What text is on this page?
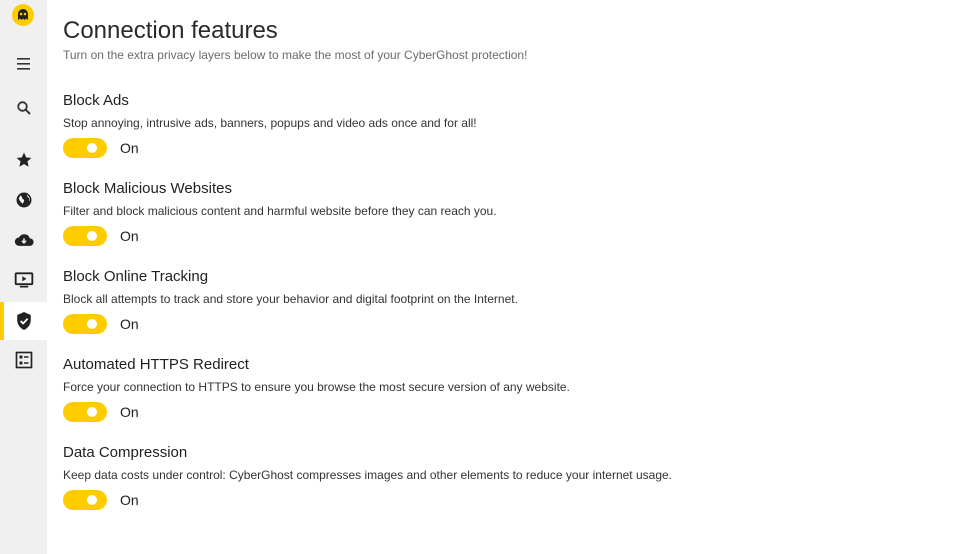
Connection features
Turn on the extra privacy layers below to make the most of your CyberGhost protection!
Block Ads
Stop annoying, intrusive ads, banners, popups and video ads once and for all!
On
Block Malicious Websites
Filter and block malicious content and harmful website before they can reach you.
On
Block Online Tracking
Block all attempts to track and store your behavior and digital footprint on the Internet.
On
Automated HTTPS Redirect
Force your connection to HTTPS to ensure you browse the most secure version of any website.
On
Data Compression
Keep data costs under control: CyberGhost compresses images and other elements to reduce your internet usage.
On
